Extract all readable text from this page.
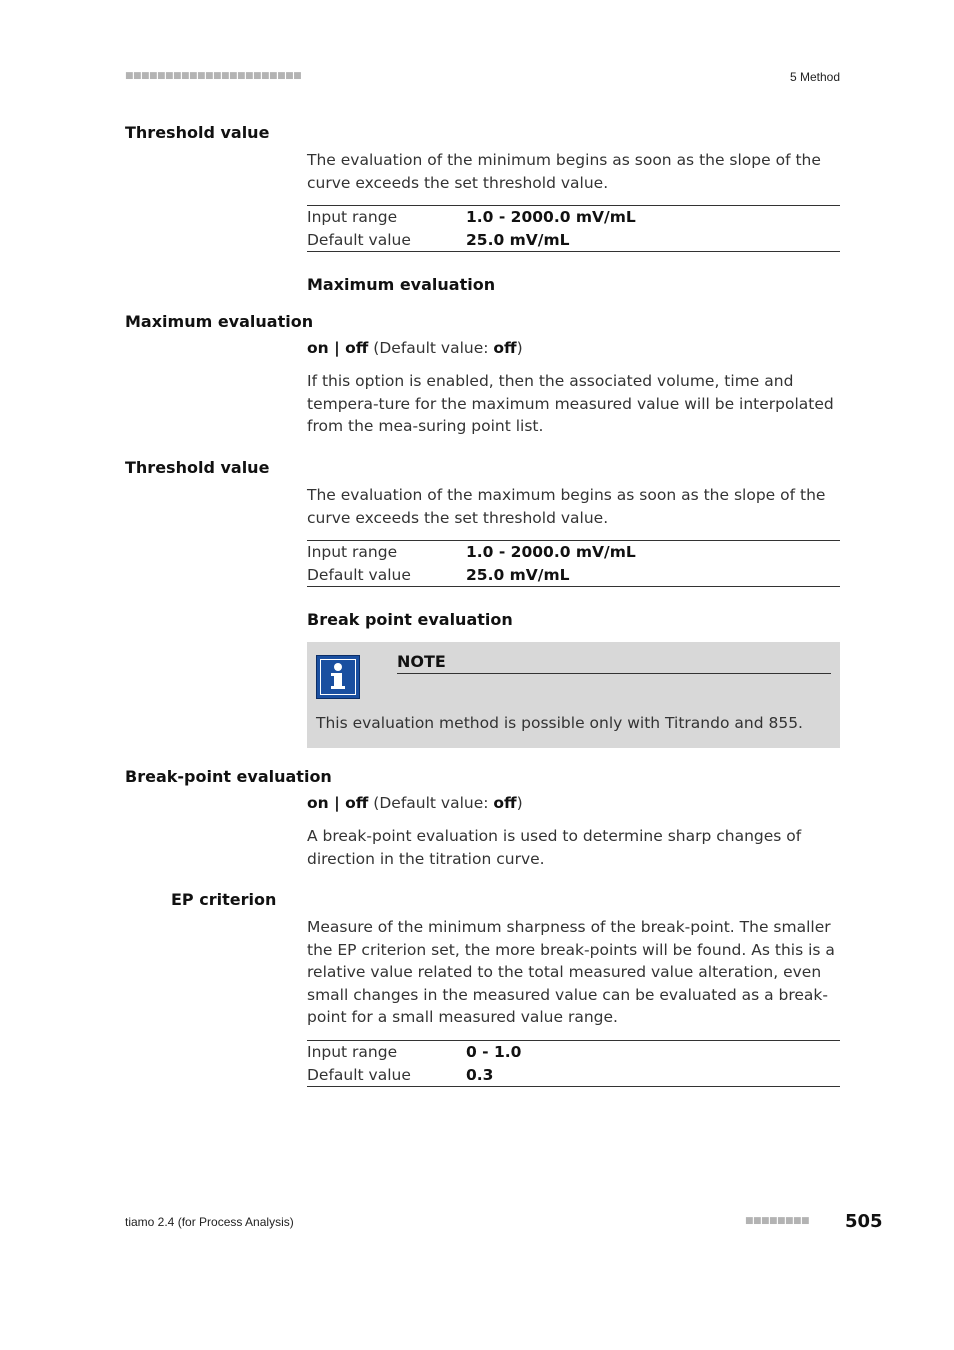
■■■■■■■■■■■■■■■■■■■■■■	5 Method
Threshold value
The evaluation of the minimum begins as soon as the slope of the curve exceeds the set threshold value.
Input range	1.0 - 2000.0 mV/mL
Default value	25.0 mV/mL
Maximum evaluation
Maximum evaluation
on | off (Default value: off)
If this option is enabled, then the associated volume, time and tempera-ture for the maximum measured value will be interpolated from the mea-suring point list.
Threshold value
The evaluation of the maximum begins as soon as the slope of the curve exceeds the set threshold value.
Input range	1.0 - 2000.0 mV/mL
Default value	25.0 mV/mL
Break point evaluation
NOTE
This evaluation method is possible only with Titrando and 855.
Break-point evaluation
on | off (Default value: off)
A break-point evaluation is used to determine sharp changes of direction in the titration curve.
EP criterion
Measure of the minimum sharpness of the break-point. The smaller the EP criterion set, the more break-points will be found. As this is a relative value related to the total measured value alteration, even small changes in the measured value can be evaluated as a break-point for a small measured value range.
Input range	0 - 1.0
Default value	0.3
tiamo 2.4 (for Process Analysis)	■■■■■■■■ 505
